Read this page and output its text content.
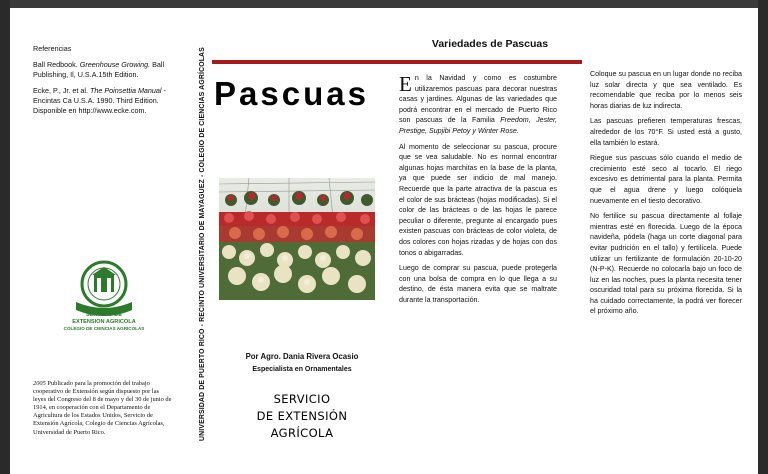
Referencias

Ball Redbook. Greenhouse Growing. Ball Publishing, Il, U.S.A.15th Edition.

Ecke, P., Jr. et al. The Poinsettia Manual - Encintas Ca U.S.A. 1990. Third Edition. Disponible en http://www.ecke.com.

SERVICIO DE
EXTENSION AGRICOLA
COLEGIO DE CIENCIAS AGRICOLAS
2005 Publicado para la promoción del trabajo cooperativo de Extensión según dispuesto por las leyes del Congreso del 8 de mayo y del 30 de junio de 1914, en cooperación con el Departamento de Agricultura de los Estados Unidos, Servicio de Extensión Agrícola, Colegio de Ciencias Agrícolas, Universidad de Puerto Rico.	UNIVERSIDAD DE PUERTO RICO - RECINTO UNIVERSITARIO DE MAYAGUEZ - COLEGIO DE CIENCIAS AGRÍCOLAS Pascuas
Por Agro. Dania Rivera Ocasio
Especialista en Ornamentales
SERVICIO
DE EXTENSIÓN
AGRÍCOLA
Variedades de Pascuas

En la Navidad y como es costumbre utilizaremos pascuas para decorar nuestras casas y jardines. Algunas de las variedades que podrá encontrar en el mercado de Puerto Rico son pascuas de la Familia Freedom, Jester, Prestige, Supjibi Petoy y Winter Rose.

Al momento de seleccionar su pascua, procure que se vea saludable. No es normal encontrar algunas hojas marchitas en la base de la planta, ya que puede ser indicio de mal manejo. Recuerde que la parte atractiva de la pascua es el color de sus brácteas (hojas modificadas). Si el color de las brácteas o de las hojas le parece peculiar o diferente, pregunte al encargado pues existen pascuas con brácteas de color violeta, de dos colores con hojas rizadas y de hojas con dos tonos o abigarradas.

Luego de comprar su pascua, puede protegerla con una bolsa de compra en lo que llega a su destino, de ésta manera evita que se maltrate durante la transportación.

Coloque su pascua en un lugar donde no reciba luz solar directa y que sea ventilado. Es recomendable que reciba por lo menos seis horas diarias de luz indirecta.

Las pascuas prefieren temperaturas frescas, alrededor de los 70°F. Si usted está a gusto, ella también lo estará.

Riegue sus pascuas sólo cuando el medio de crecimiento esté seco al tocarlo. El riego excesivo es detrimental para la planta. Permita que el agua drene y luego colóquela nuevamente en el tiesto decorativo.

No fertilice su pascua directamente al follaje mientras esté en florecida. Luego de la época navideña, pódela (haga un corte diagonal para evitar pudrición en el tallo) y fertilícela. Puede utilizar un fertilizante de formulación 20-10-20 (N-P-K). Recuerde no colocarla bajo un foco de luz en las noches, pues la planta necesita tener oscuridad total para su próxima florecida. Si la ha cuidado correctamente, la podrá ver florecer el próximo año.
